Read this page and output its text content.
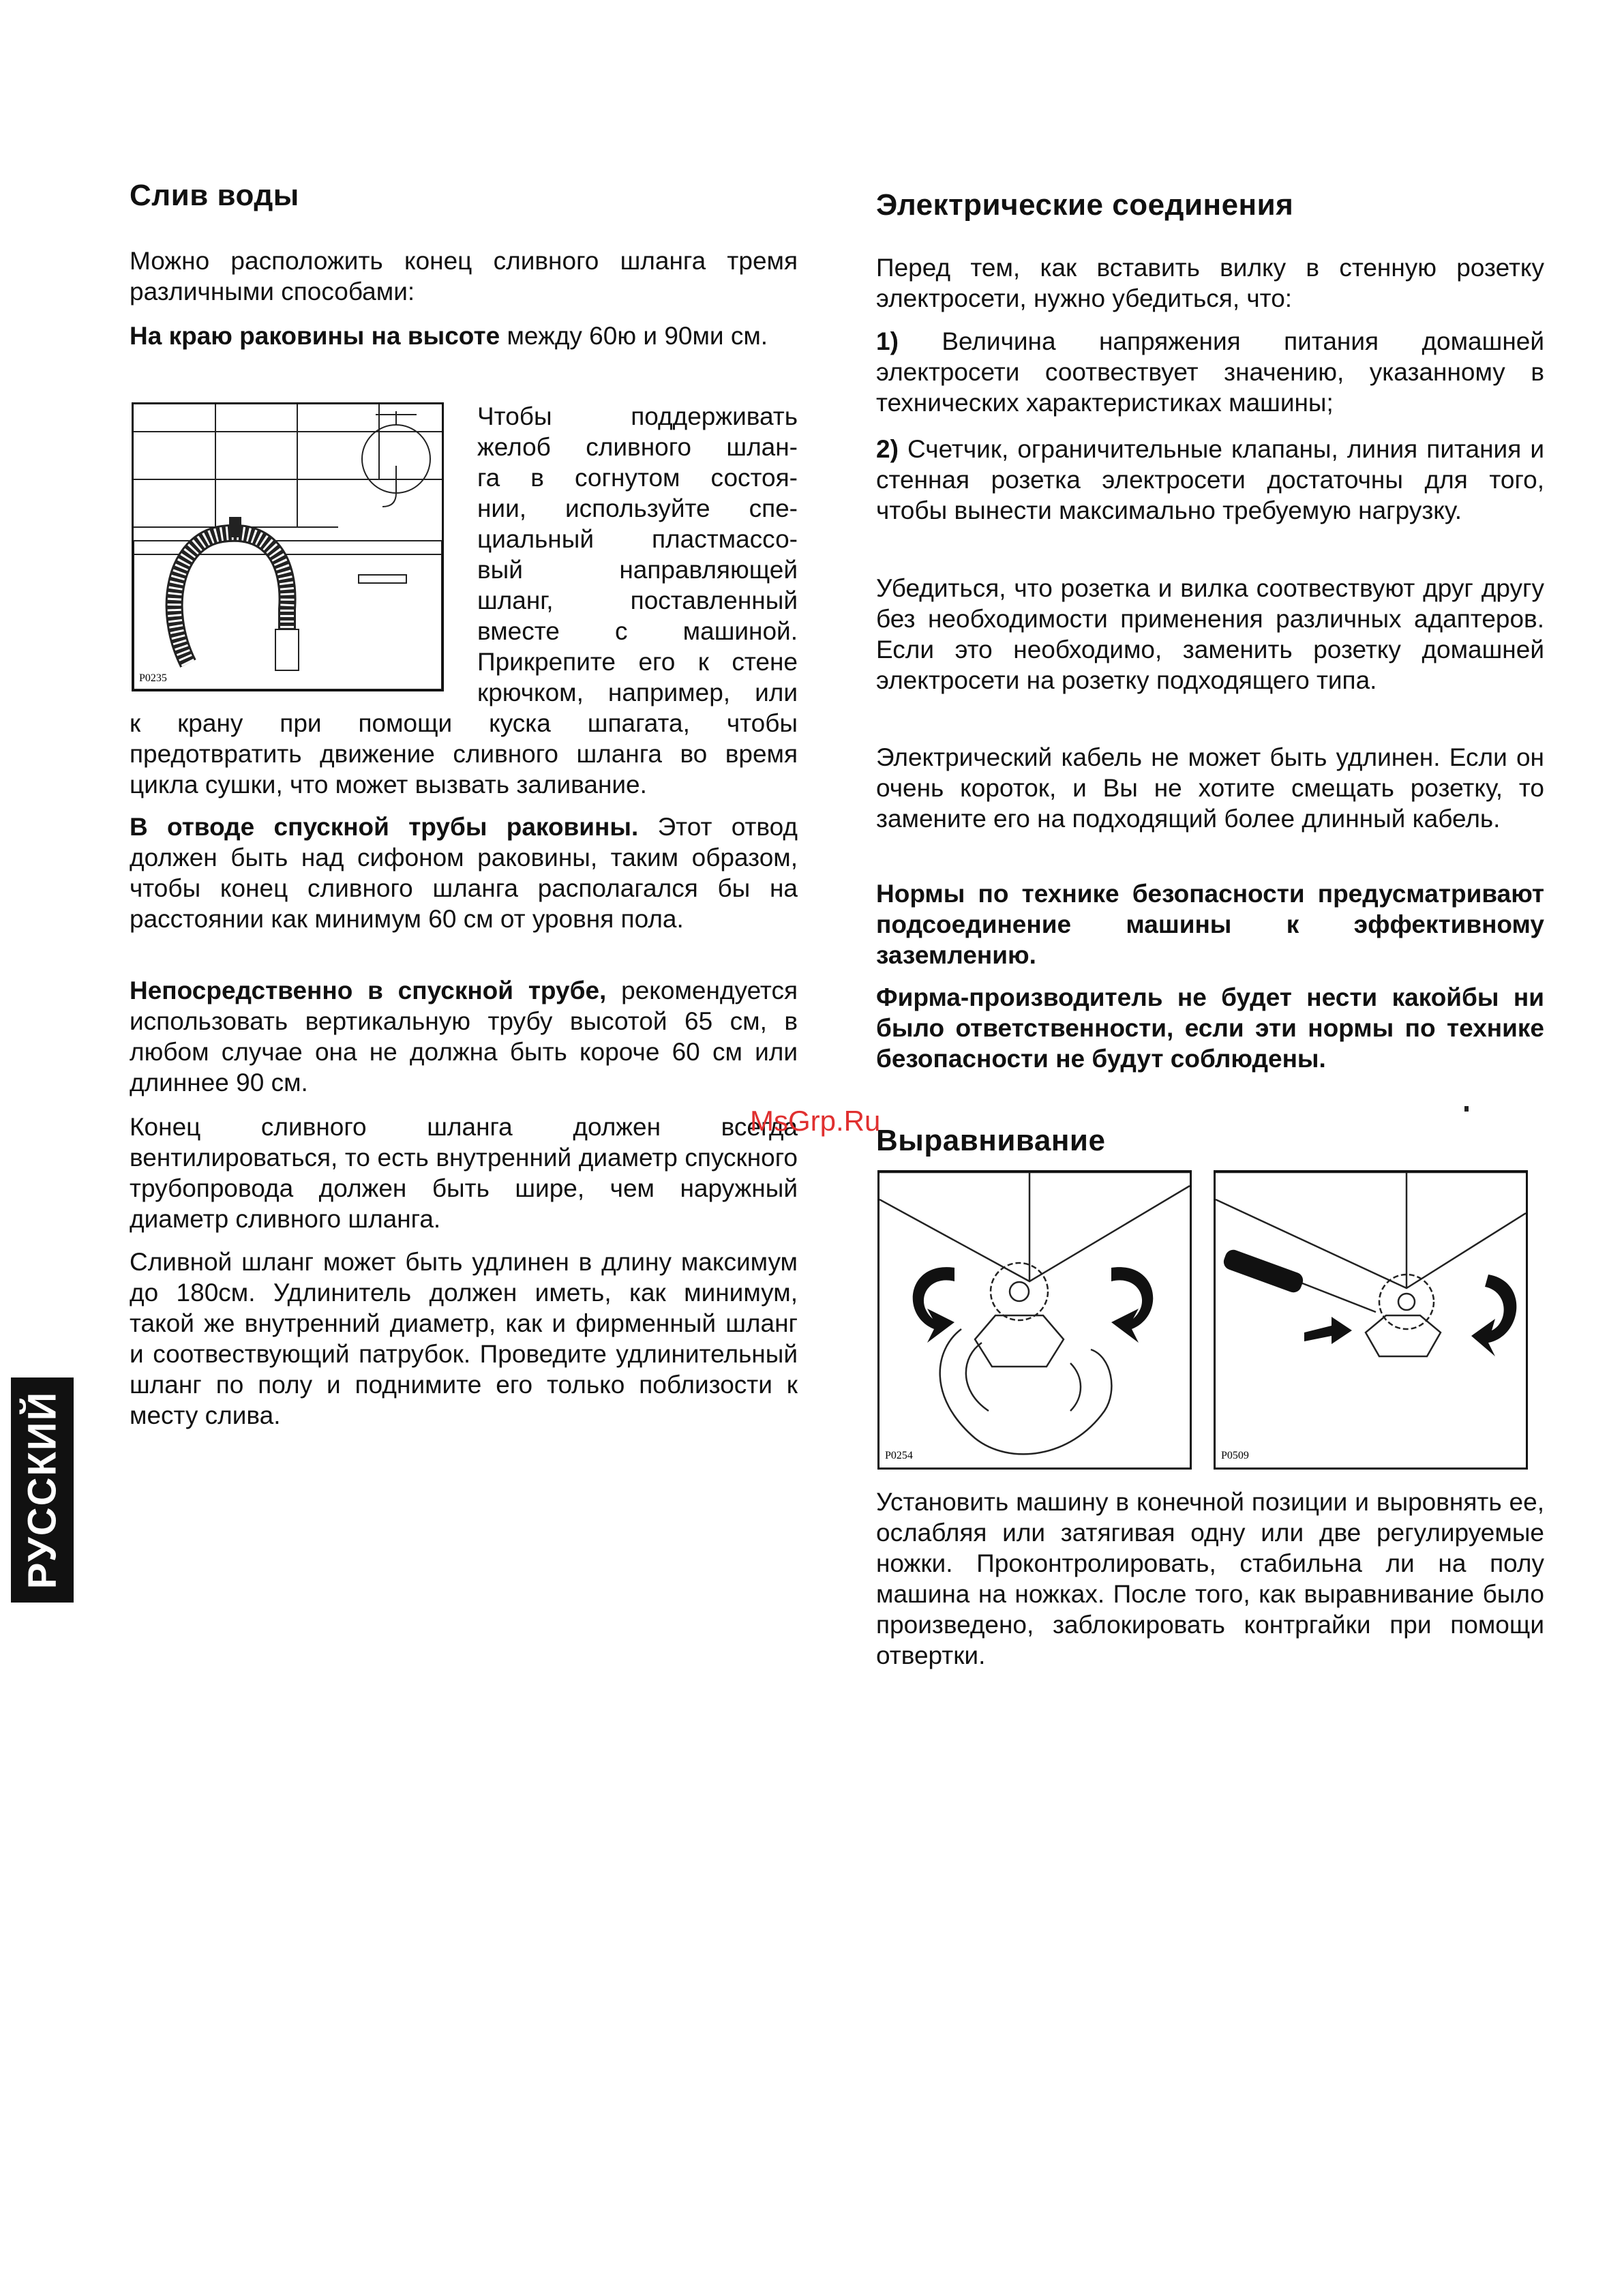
Слив воды

Можно расположить конец сливного шланга тремя различными способами:

На краю раковины на высоте между 60ю и 90ми см.

P0235
Чтобы поддерживать
желоб сливного шлан-
га в согнутом состоя-
нии, используйте спе-
циальный пластмассо-
вый направляющей
шланг, поставленный
вместе с машиной.
Прикрепите его к стене
крючком, например, или

к крану при помощи куска шпагата, чтобы предотвратить движение сливного шланга во время цикла сушки, что может вызвать заливание.

В отводе спускной трубы раковины. Этот отвод должен быть над сифоном раковины, таким образом, чтобы конец сливного шланга располагался бы на расстоянии как минимум 60 см от уровня пола.

Непосредственно в спускной трубе, рекомендуется использовать вертикальную трубу высотой 65 см, в любом случае она не должна быть короче 60 см или длиннее 90 см.

Конец сливного шланга должен всегда вентилироваться, то есть внутренний диаметр спускного трубопровода должен быть шире, чем наружный диаметр сливного шланга.

Сливной шланг может быть удлинен в длину максимум до 180см. Удлинитель должен иметь, как минимум, такой же внутренний диаметр, как и фирменный шланг и соотвествующий патрубок. Проведите удлинительный шланг по полу и поднимите его только поблизости к месту слива.

Электрические соединения

Перед тем, как вставить вилку в стенную розетку электросети, нужно убедиться, что:

1) Величина напряжения питания домашней электросети соотвествует значению, указанному в технических характеристиках машины;

2) Счетчик, ограничительные клапаны, линия питания и стенная розетка электросети достаточны для того, чтобы вынести максимально требуемую нагрузку.

Убедиться, что розетка и вилка соотвествуют друг другу без необходимости применения различных адаптеров. Если это необходимо, заменить розетку домашней электросети на розетку подходящего типа.

Электрический кабель не может быть удлинен. Если он очень короток, и Вы не хотите смещать розетку, то замените его на подходящий более длинный кабель.

Нормы по технике безопасности предусматривают подсоединение машины к эффективному заземлению.

Фирма-производитель не будет нести какойбы ни было ответственности, если эти нормы по технике безопасности не будут соблюдены.

Выравнивание
P0254	P0509

Установить машину в конечной позиции и выровнять ее, ослабляя или затягивая одну или две регулируемые ножки. Проконтролировать, стабильна ли на полу машина на ножках. После того, как выравнивание было произведено, заблокировать контргайки при помощи отвертки.

РУССКИЙ
MsGrp.Ru
